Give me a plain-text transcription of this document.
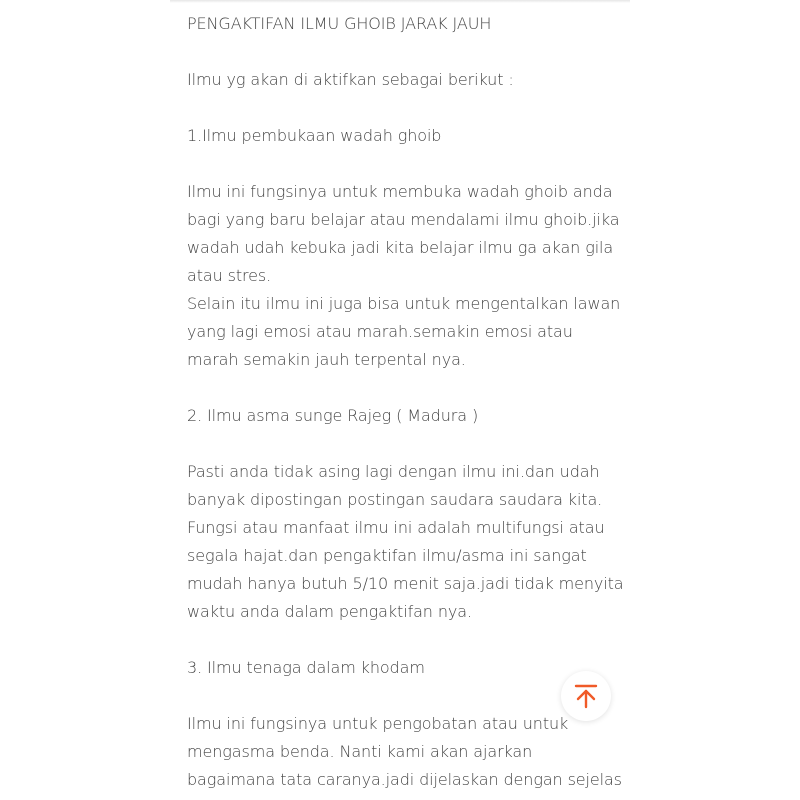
PENGAKTIFAN ILMU GHOIB JARAK JAUH

Ilmu yg akan di aktifkan sebagai berikut :

1.Ilmu pembukaan wadah ghoib

Ilmu ini fungsinya untuk membuka wadah ghoib anda

bagi yang baru belajar atau mendalami ilmu ghoib.jika

wadah udah kebuka jadi kita belajar ilmu ga akan gila

atau stres.

Selain itu ilmu ini juga bisa untuk mengentalkan lawan

yang lagi emosi atau marah.semakin emosi atau

marah semakin jauh terpental nya.

2. Ilmu asma sunge Rajeg ( Madura )

Pasti anda tidak asing lagi dengan ilmu ini.dan udah

banyak dipostingan postingan saudara saudara kita.

Fungsi atau manfaat ilmu ini adalah multifungsi atau

segala hajat.dan pengaktifan ilmu/asma ini sangat

mudah hanya butuh 5/10 menit saja.jadi tidak menyita

waktu anda dalam pengaktifan nya.

3. Ilmu tenaga dalam khodam

Ilmu ini fungsinya untuk pengobatan atau untuk

mengasma benda. Nanti kami akan ajarkan

bagaimana tata caranya.jadi dijelaskan dengan sejelas
